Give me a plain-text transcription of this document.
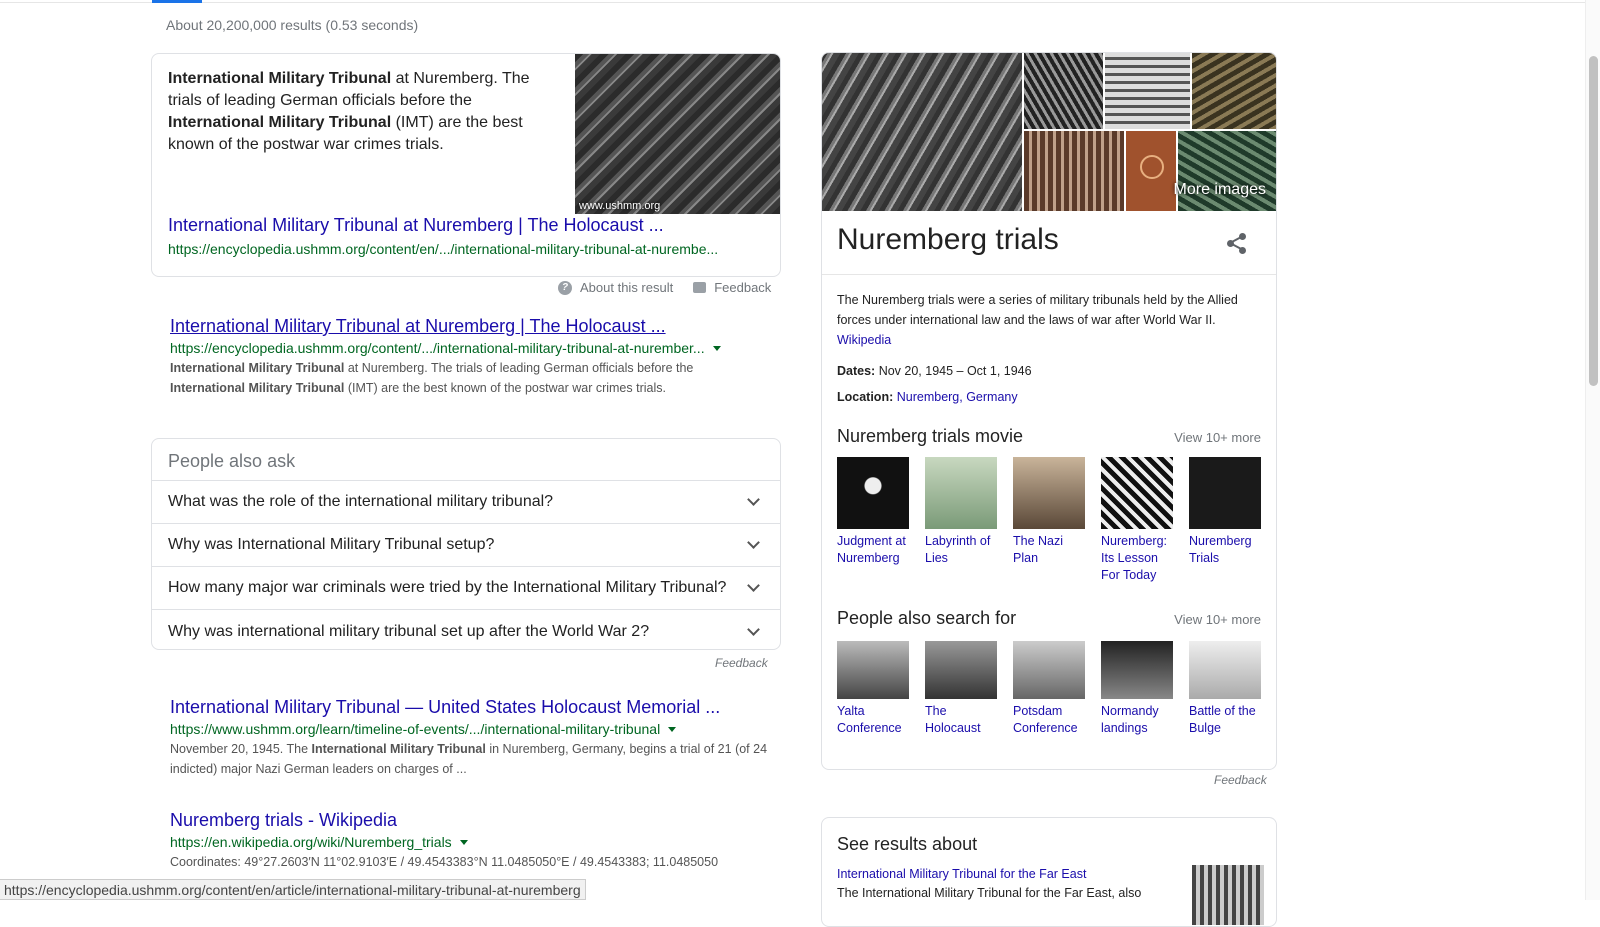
About 20,200,000 results (0.53 seconds)
International Military Tribunal at Nuremberg. The trials of leading German officials before the International Military Tribunal (IMT) are the best known of the postwar war crimes trials.
www.ushmm.org
International Military Tribunal at Nuremberg | The Holocaust ...
https://encyclopedia.ushmm.org/content/en/.../international-military-tribunal-at-nurembe...
? About this result	Feedback
International Military Tribunal at Nuremberg | The Holocaust ...
https://encyclopedia.ushmm.org/content/.../international-military-tribunal-at-nurember...
International Military Tribunal at Nuremberg. The trials of leading German officials before the International Military Tribunal (IMT) are the best known of the postwar war crimes trials.
People also ask
What was the role of the international military tribunal?
Why was International Military Tribunal setup?
How many major war criminals were tried by the International Military Tribunal?
Why was international military tribunal set up after the World War 2?
Feedback
International Military Tribunal — United States Holocaust Memorial ...
https://www.ushmm.org/learn/timeline-of-events/.../international-military-tribunal
November 20, 1945. The International Military Tribunal in Nuremberg, Germany, begins a trial of 21 (of 24 indicted) major Nazi German leaders on charges of ...
Nuremberg trials - Wikipedia
https://en.wikipedia.org/wiki/Nuremberg_trials
Coordinates: 49°27.2603′N 11°02.9103′E / 49.4543383°N 11.0485050°E / 49.4543383; 11.0485050
More images
Nuremberg trials
The Nuremberg trials were a series of military tribunals held by the Allied forces under international law and the laws of war after World War II.
Wikipedia
Dates: Nov 20, 1945 – Oct 1, 1946
Location: Nuremberg, Germany
Nuremberg trials movie	View 10+ more
Judgment at Nuremberg
Labyrinth of Lies
The Nazi Plan
Nuremberg: Its Lesson For Today
Nuremberg Trials
People also search for	View 10+ more
Yalta Conference
The Holocaust
Potsdam Conference
Normandy landings
Battle of the Bulge
Feedback
See results about
International Military Tribunal for the Far East
The International Military Tribunal for the Far East, also
https://encyclopedia.ushmm.org/content/en/article/international-military-tribunal-at-nuremberg
